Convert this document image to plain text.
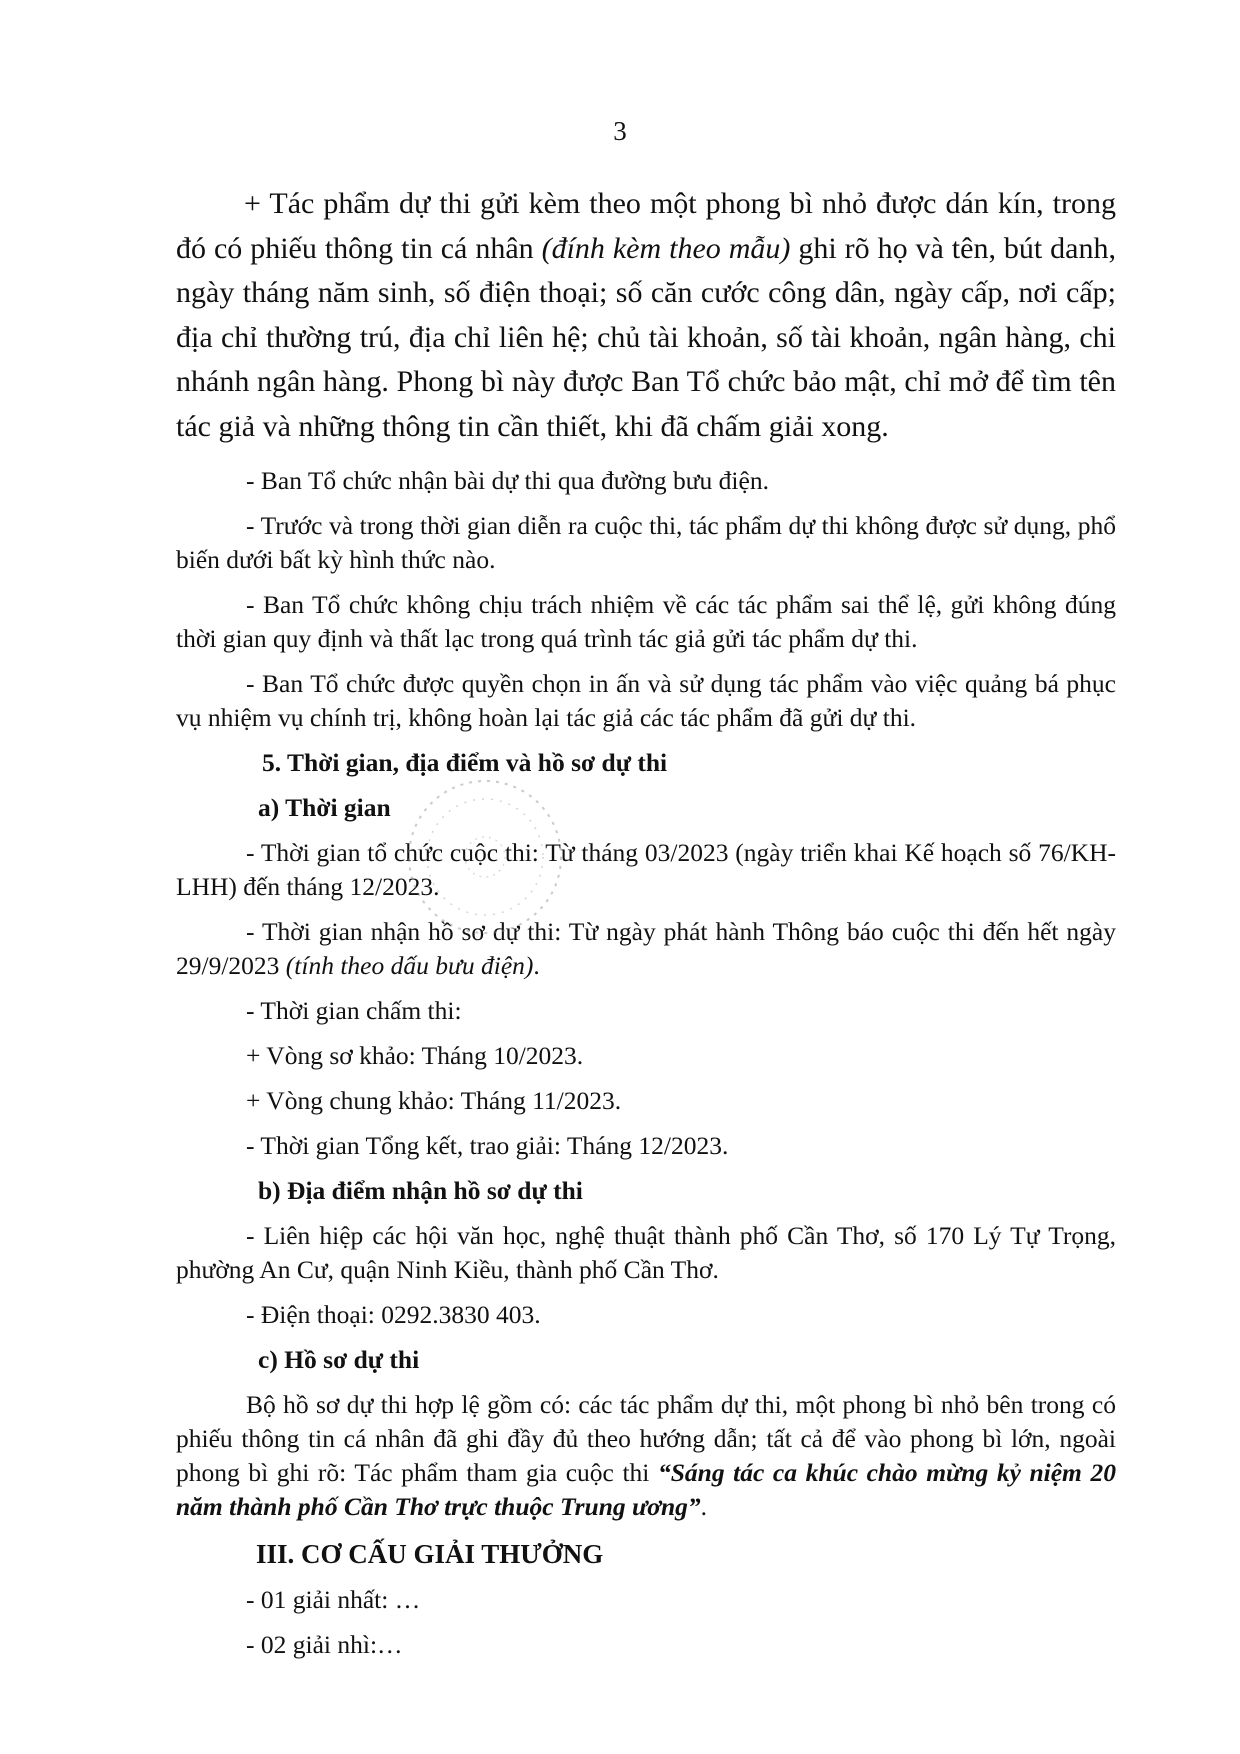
3

+ Tác phẩm dự thi gửi kèm theo một phong bì nhỏ được dán kín, trong đó có phiếu thông tin cá nhân (đính kèm theo mẫu) ghi rõ họ và tên, bút danh, ngày tháng năm sinh, số điện thoại; số căn cước công dân, ngày cấp, nơi cấp; địa chỉ thường trú, địa chỉ liên hệ; chủ tài khoản, số tài khoản, ngân hàng, chi nhánh ngân hàng. Phong bì này được Ban Tổ chức bảo mật, chỉ mở để tìm tên tác giả và những thông tin cần thiết, khi đã chấm giải xong.

- Ban Tổ chức nhận bài dự thi qua đường bưu điện.

- Trước và trong thời gian diễn ra cuộc thi, tác phẩm dự thi không được sử dụng, phổ biến dưới bất kỳ hình thức nào.

- Ban Tổ chức không chịu trách nhiệm về các tác phẩm sai thể lệ, gửi không đúng thời gian quy định và thất lạc trong quá trình tác giả gửi tác phẩm dự thi.

- Ban Tổ chức được quyền chọn in ấn và sử dụng tác phẩm vào việc quảng bá phục vụ nhiệm vụ chính trị, không hoàn lại tác giả các tác phẩm đã gửi dự thi.

5. Thời gian, địa điểm và hồ sơ dự thi

a) Thời gian

- Thời gian tổ chức cuộc thi: Từ tháng 03/2023 (ngày triển khai Kế hoạch số 76/KH-LHH) đến tháng 12/2023.

- Thời gian nhận hồ sơ dự thi: Từ ngày phát hành Thông báo cuộc thi đến hết ngày 29/9/2023 (tính theo dấu bưu điện).

- Thời gian chấm thi:

+ Vòng sơ khảo: Tháng 10/2023.

+ Vòng chung khảo: Tháng 11/2023.

- Thời gian Tổng kết, trao giải: Tháng 12/2023.

b) Địa điểm nhận hồ sơ dự thi

- Liên hiệp các hội văn học, nghệ thuật thành phố Cần Thơ, số 170 Lý Tự Trọng, phường An Cư, quận Ninh Kiều, thành phố Cần Thơ.

- Điện thoại: 0292.3830 403.

c) Hồ sơ dự thi

Bộ hồ sơ dự thi hợp lệ gồm có: các tác phẩm dự thi, một phong bì nhỏ bên trong có phiếu thông tin cá nhân đã ghi đầy đủ theo hướng dẫn; tất cả để vào phong bì lớn, ngoài phong bì ghi rõ: Tác phẩm tham gia cuộc thi “Sáng tác ca khúc chào mừng kỷ niệm 20 năm thành phố Cần Thơ trực thuộc Trung ương”.

III. CƠ CẤU GIẢI THƯỞNG

- 01 giải nhất: …

- 02 giải nhì:…
